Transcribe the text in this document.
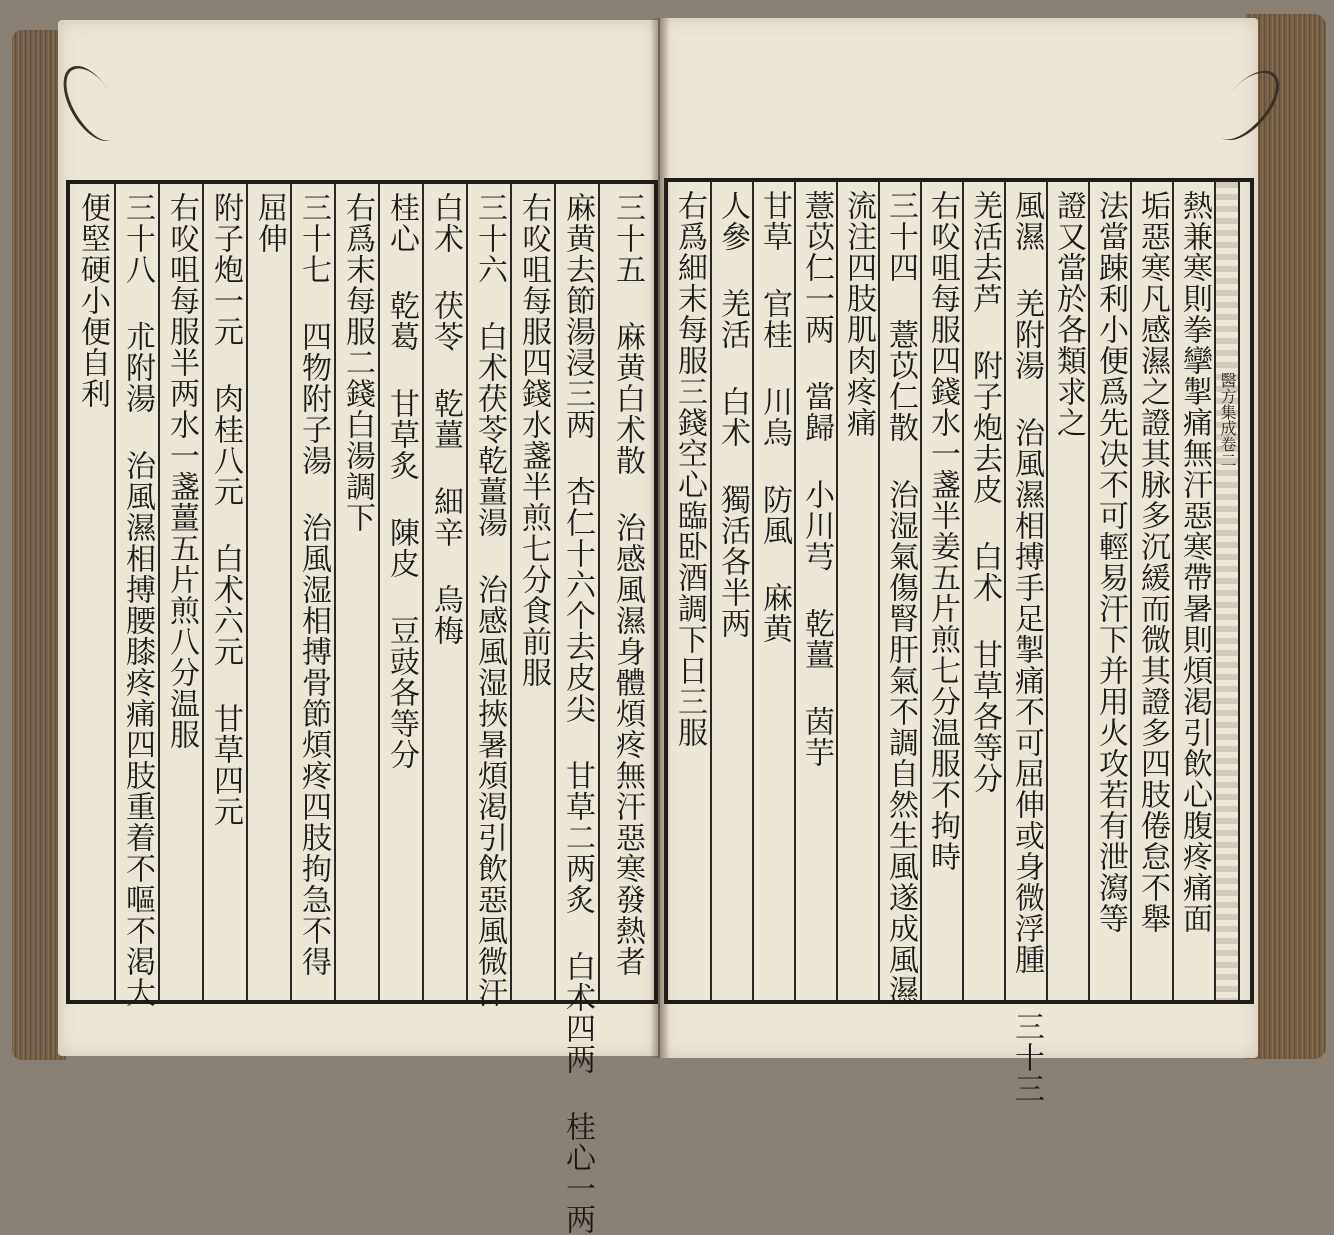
便堅硬小便自利 三十八 朮附湯 治風濕相搏腰膝疼痛四肢重着不嘔不渇大 右㕮咀每服半两水一盞薑五片煎八分温服 附子炮一元 肉桂八元 白术六元 甘草四元 屈伸 三十七 四物附子湯 治風湿相搏骨節煩疼四肢拘急不得 右爲末每服二錢白湯調下 桂心 乾葛 甘草炙 陳皮 豆豉各等分 白术 茯苓 乾薑 細辛 烏梅 三十六 白术茯苓乾薑湯 治感風湿挾暑煩渇引飲惡風微汗 右㕮咀每服四錢水盞半煎七分食前服 麻黄去節湯浸三两 杏仁十六个去皮尖 甘草二两炙 白术四两 桂心一两 三十五 麻黄白术散 治感風濕身體煩疼無汗惡寒發熱者 右爲細末每服三錢空心臨卧酒調下日三服 人參 羌活 白术 獨活各半两 甘草 官桂 川烏 防風 麻黄 薏苡仁一两 當歸 小川芎 乾薑 茵芋 流注四肢肌肉疼痛 三十四 薏苡仁散 治湿氣傷腎肝氣不調自然生風遂成風濕 右㕮咀每服四錢水一盞半姜五片煎七分温服不拘時 羌活去芦 附子炮去皮 白术 甘草各等分 風濕 羌附湯 治風濕相搏手足掣痛不可屈伸或身微浮腫 三十三 證又當於各類求之 法當踈利小便爲先决不可輕易汗下并用火攻若有泄瀉等 垢惡寒凡感濕之證其脉多沉緩而微其證多四肢倦怠不舉 熱兼寒則拳攣掣痛無汗惡寒帶暑則煩渇引飲心腹疼痛面 醫方集成卷二
